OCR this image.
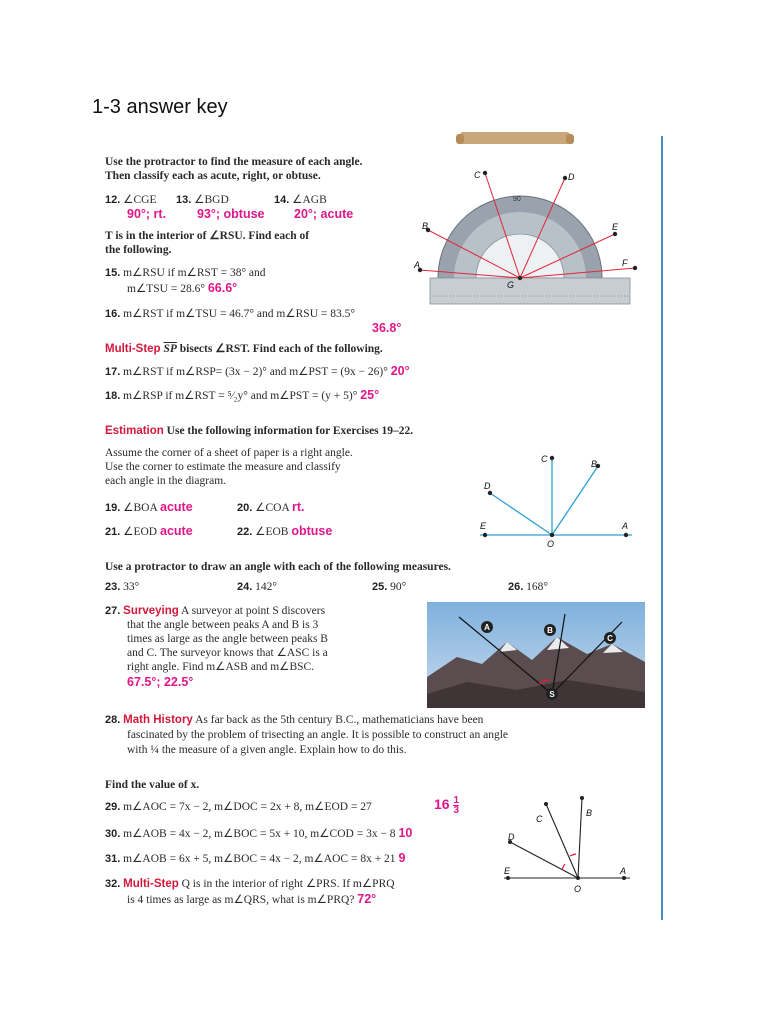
1-3 answer key
Use the protractor to find the measure of each angle.
Then classify each as acute, right, or obtuse.
12. ∠CGE
90°; rt.
13. ∠BGD
93°; obtuse
14. ∠AGB
20°; acute
T is in the interior of ∠RSU. Find each of
the following.
15. m∠RSU if m∠RST = 38° and
m∠TSU = 28.6° 66.6°
16. m∠RST if m∠TSU = 46.7° and m∠RSU = 83.5°
36.8°
90
C	D
B	E
A	F
G
Multi-Step $\overline{SP}$ bisects ∠RST. Find each of the following.
17. m∠RST if m∠RSP= (3x − 2)° and m∠PST = (9x − 26)° 20°
18. m∠RSP if m∠RST = ⁵⁄₂y° and m∠PST = (y + 5)° 25°
Estimation Use the following information for Exercises 19–22.
Assume the corner of a sheet of paper is a right angle.
Use the corner to estimate the measure and classify
each angle in the diagram.
19. ∠BOA acute	20. ∠COA rt.
21. ∠EOD acute	22. ∠EOB obtuse
C	B
D
E
O
A
Use a protractor to draw an angle with each of the following measures.
23. 33°	24. 142°	25. 90°	26. 168°
27. Surveying A surveyor at point S discovers
that the angle between peaks A and B is 3
times as large as the angle between peaks B
and C. The surveyor knows that ∠ASC is a
right angle. Find m∠ASB and m∠BSC.
67.5°; 22.5°
A	B
C
S
28. Math History As far back as the 5th century B.C., mathematicians have been
fascinated by the problem of trisecting an angle. It is possible to construct an angle
with ¼ the measure of a given angle. Explain how to do this.
Find the value of x.
29. m∠AOC = 7x − 2, m∠DOC = 2x + 8, m∠EOD = 27	$16 \frac{1}{3}$
30. m∠AOB = 4x − 2, m∠BOC = 5x + 10, m∠COD = 3x − 8 10
31. m∠AOB = 6x + 5, m∠BOC = 4x − 2, m∠AOC = 8x + 21 9
32. Multi-Step Q is in the interior of right ∠PRS. If m∠PRQ
is 4 times as large as m∠QRS, what is m∠PRQ? 72°
C
B
D
E
O
A
